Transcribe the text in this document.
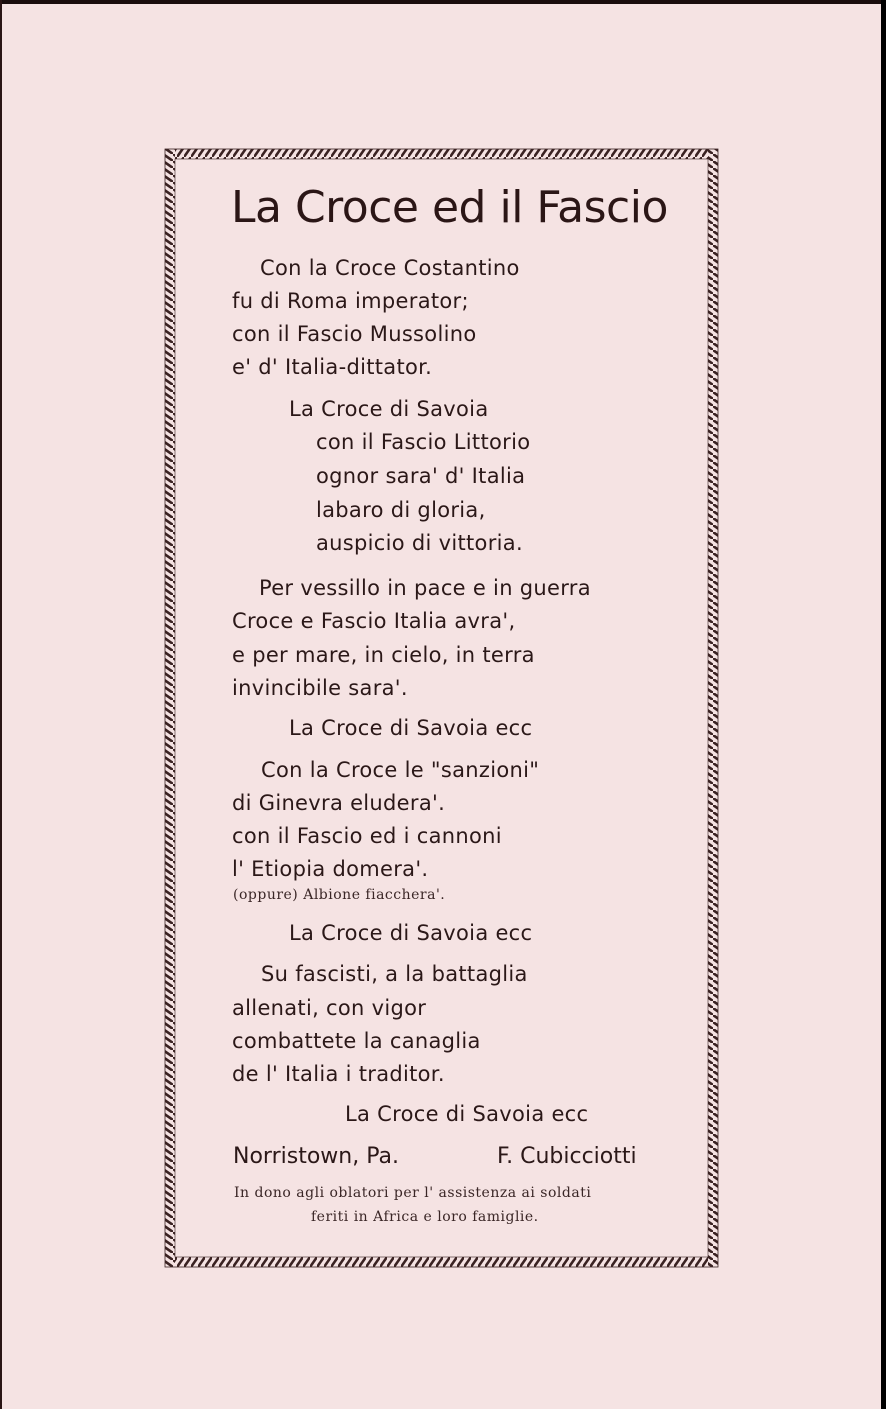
La Croce ed il Fascio
Con la Croce Costantino
fu di Roma imperator;
con il Fascio Mussolino
e' d' Italia-dittator.
La Croce di Savoia
con il Fascio Littorio
ognor sara' d' Italia
labaro di gloria,
auspicio di vittoria.
Per vessillo in pace e in guerra
Croce e Fascio Italia avra',
e per mare, in cielo, in terra
invincibile sara'.
La Croce di Savoia ecc
Con la Croce le "sanzioni"
di Ginevra eludera'.
con il Fascio ed i cannoni
l' Etiopia domera'.
(oppure) Albione fiacchera'.
La Croce di Savoia ecc
Su fascisti, a la battaglia
allenati, con vigor
combattete la canaglia
de l' Italia i traditor.
La Croce di Savoia ecc
Norristown, Pa.	F. Cubicciotti
In dono agli oblatori per l' assistenza ai soldati
feriti in Africa e loro famiglie.
